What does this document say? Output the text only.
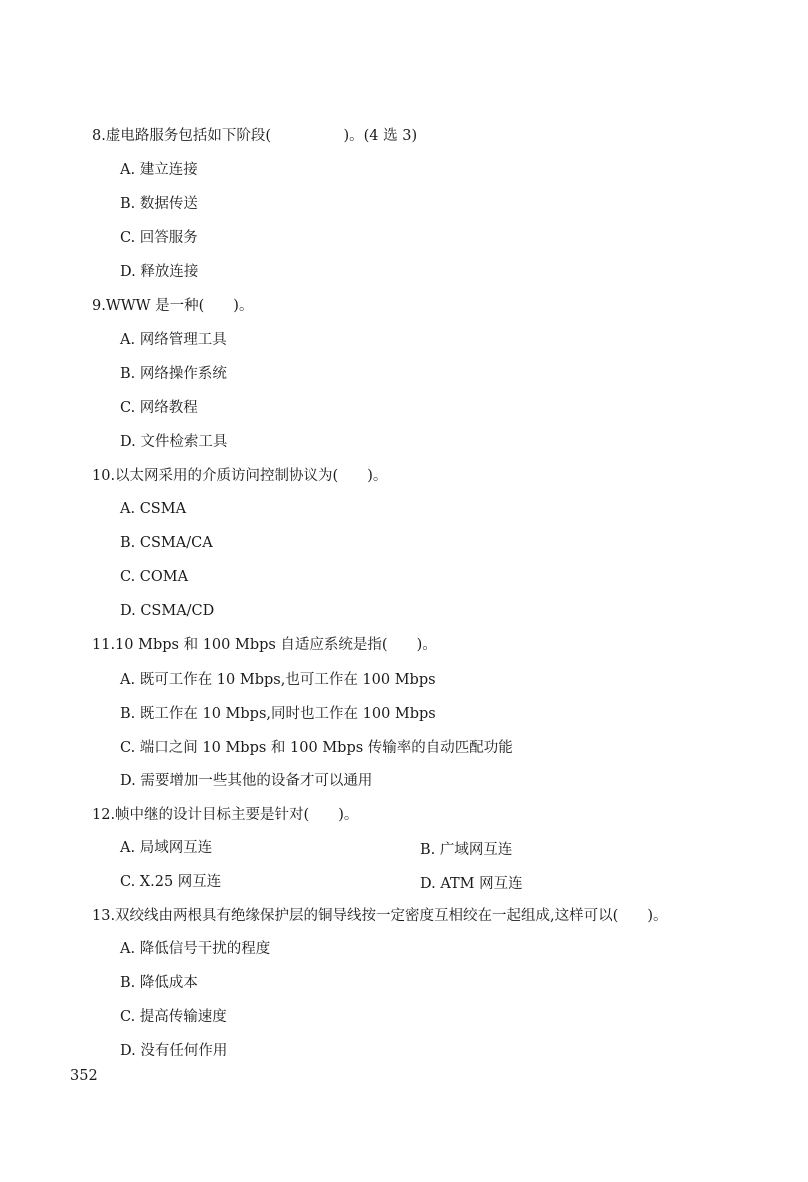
8.虚电路服务包括如下阶段(　　　　　)。(4 选 3)
A. 建立连接
B. 数据传送
C. 回答服务
D. 释放连接
9.WWW 是一种(　　)。
A. 网络管理工具
B. 网络操作系统
C. 网络教程
D. 文件检索工具
10.以太网采用的介质访问控制协议为(　　)。
A. CSMA
B. CSMA/CA
C. COMA
D. CSMA/CD
11.10 Mbps 和 100 Mbps 自适应系统是指(　　)。
A. 既可工作在 10 Mbps,也可工作在 100 Mbps
B. 既工作在 10 Mbps,同时也工作在 100 Mbps
C. 端口之间 10 Mbps 和 100 Mbps 传输率的自动匹配功能
D. 需要增加一些其他的设备才可以通用
12.帧中继的设计目标主要是针对(　　)。
A. 局域网互连	B. 广域网互连
C. X.25 网互连	D. ATM 网互连
13.双绞线由两根具有绝缘保护层的铜导线按一定密度互相绞在一起组成,这样可以(　　)。
A. 降低信号干扰的程度
B. 降低成本
C. 提高传输速度
D. 没有任何作用
352
